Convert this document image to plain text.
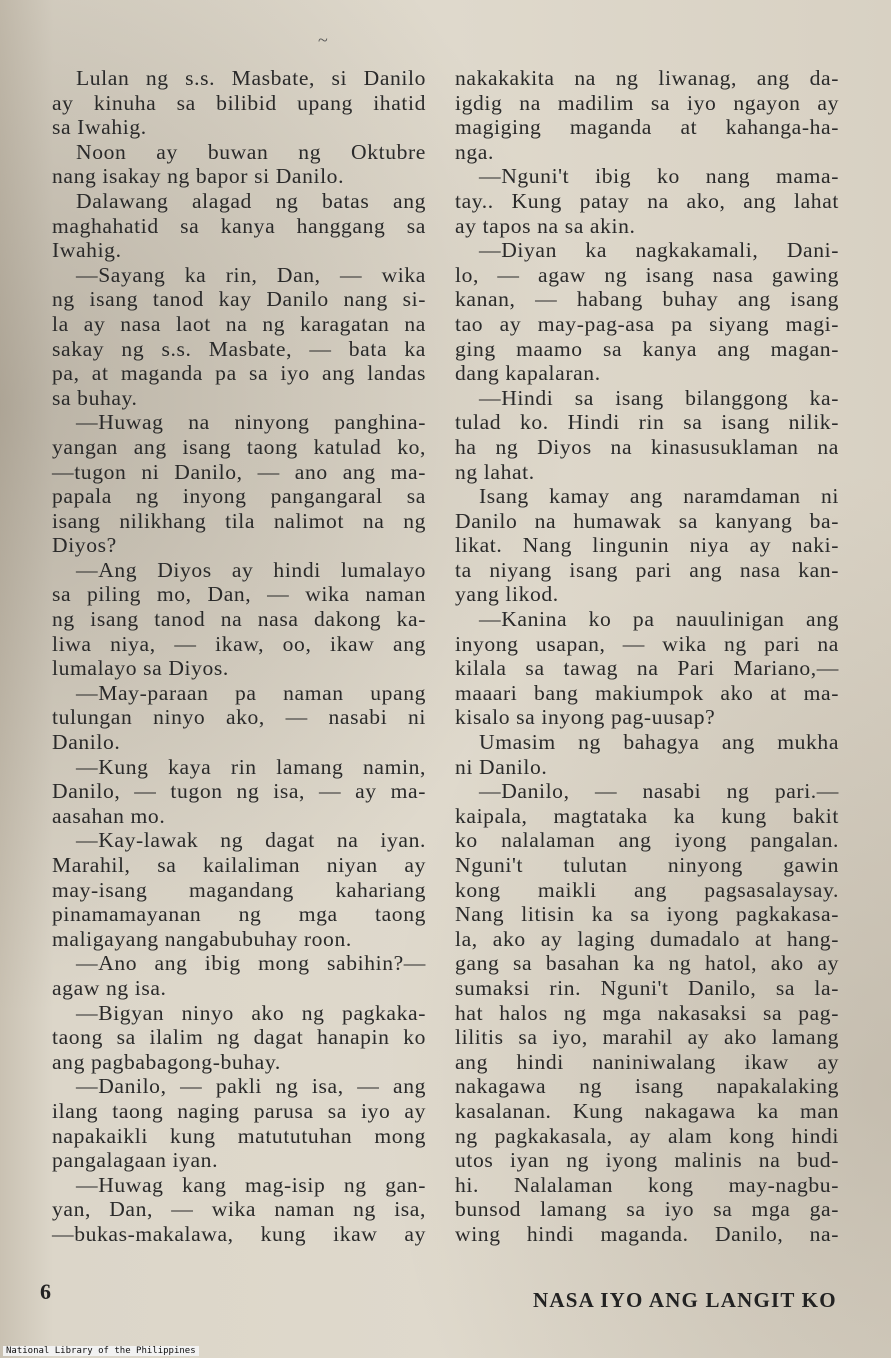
~
Lulan ng s.s. Masbate, si Danilo
ay kinuha sa bilibid upang ihatid
sa Iwahig.
Noon ay buwan ng Oktubre
nang isakay ng bapor si Danilo.
Dalawang alagad ng batas ang
maghahatid sa kanya hanggang sa
Iwahig.
—Sayang ka rin, Dan, — wika
ng isang tanod kay Danilo nang si-
la ay nasa laot na ng karagatan na
sakay ng s.s. Masbate, — bata ka
pa, at maganda pa sa iyo ang landas
sa buhay.
—Huwag na ninyong panghina-
yangan ang isang taong katulad ko,
—tugon ni Danilo, — ano ang ma-
papala ng inyong pangangaral sa
isang nilikhang tila nalimot na ng
Diyos?
—Ang Diyos ay hindi lumalayo
sa piling mo, Dan, — wika naman
ng isang tanod na nasa dakong ka-
liwa niya, — ikaw, oo, ikaw ang
lumalayo sa Diyos.
—May-paraan pa naman upang
tulungan ninyo ako, — nasabi ni
Danilo.
—Kung kaya rin lamang namin,
Danilo, — tugon ng isa, — ay ma-
aasahan mo.
—Kay-lawak ng dagat na iyan.
Marahil, sa kailaliman niyan ay
may-isang magandang kahariang
pinamamayanan ng mga taong
maligayang nangabubuhay roon.
—Ano ang ibig mong sabihin?—
agaw ng isa.
—Bigyan ninyo ako ng pagkaka-
taong sa ilalim ng dagat hanapin ko
ang pagbabagong-buhay.
—Danilo, — pakli ng isa, — ang
ilang taong naging parusa sa iyo ay
napakaikli kung matututuhan mong
pangalagaan iyan.
—Huwag kang mag-isip ng gan-
yan, Dan, — wika naman ng isa,
—bukas-makalawa, kung ikaw ay
nakakakita na ng liwanag, ang da-
igdig na madilim sa iyo ngayon ay
magiging maganda at kahanga-ha-
nga.
—Nguni't ibig ko nang mama-
tay.. Kung patay na ako, ang lahat
ay tapos na sa akin.
—Diyan ka nagkakamali, Dani-
lo, — agaw ng isang nasa gawing
kanan, — habang buhay ang isang
tao ay may-pag-asa pa siyang magi-
ging maamo sa kanya ang magan-
dang kapalaran.
—Hindi sa isang bilanggong ka-
tulad ko. Hindi rin sa isang nilik-
ha ng Diyos na kinasusuklaman na
ng lahat.
Isang kamay ang naramdaman ni
Danilo na humawak sa kanyang ba-
likat. Nang lingunin niya ay naki-
ta niyang isang pari ang nasa kan-
yang likod.
—Kanina ko pa nauulinigan ang
inyong usapan, — wika ng pari na
kilala sa tawag na Pari Mariano,—
maaari bang makiumpok ako at ma-
kisalo sa inyong pag-uusap?
Umasim ng bahagya ang mukha
ni Danilo.
—Danilo, — nasabi ng pari.—
kaipala, magtataka ka kung bakit
ko nalalaman ang iyong pangalan.
Nguni't tulutan ninyong gawin
kong maikli ang pagsasalaysay.
Nang litisin ka sa iyong pagkakasa-
la, ako ay laging dumadalo at hang-
gang sa basahan ka ng hatol, ako ay
sumaksi rin. Nguni't Danilo, sa la-
hat halos ng mga nakasaksi sa pag-
lilitis sa iyo, marahil ay ako lamang
ang hindi naniniwalang ikaw ay
nakagawa ng isang napakalaking
kasalanan. Kung nakagawa ka man
ng pagkakasala, ay alam kong hindi
utos iyan ng iyong malinis na bud-
hi. Nalalaman kong may-nagbu-
bunsod lamang sa iyo sa mga ga-
wing hindi maganda. Danilo, na-
6	NASA IYO ANG LANGIT KO
National Library of the Philippines
